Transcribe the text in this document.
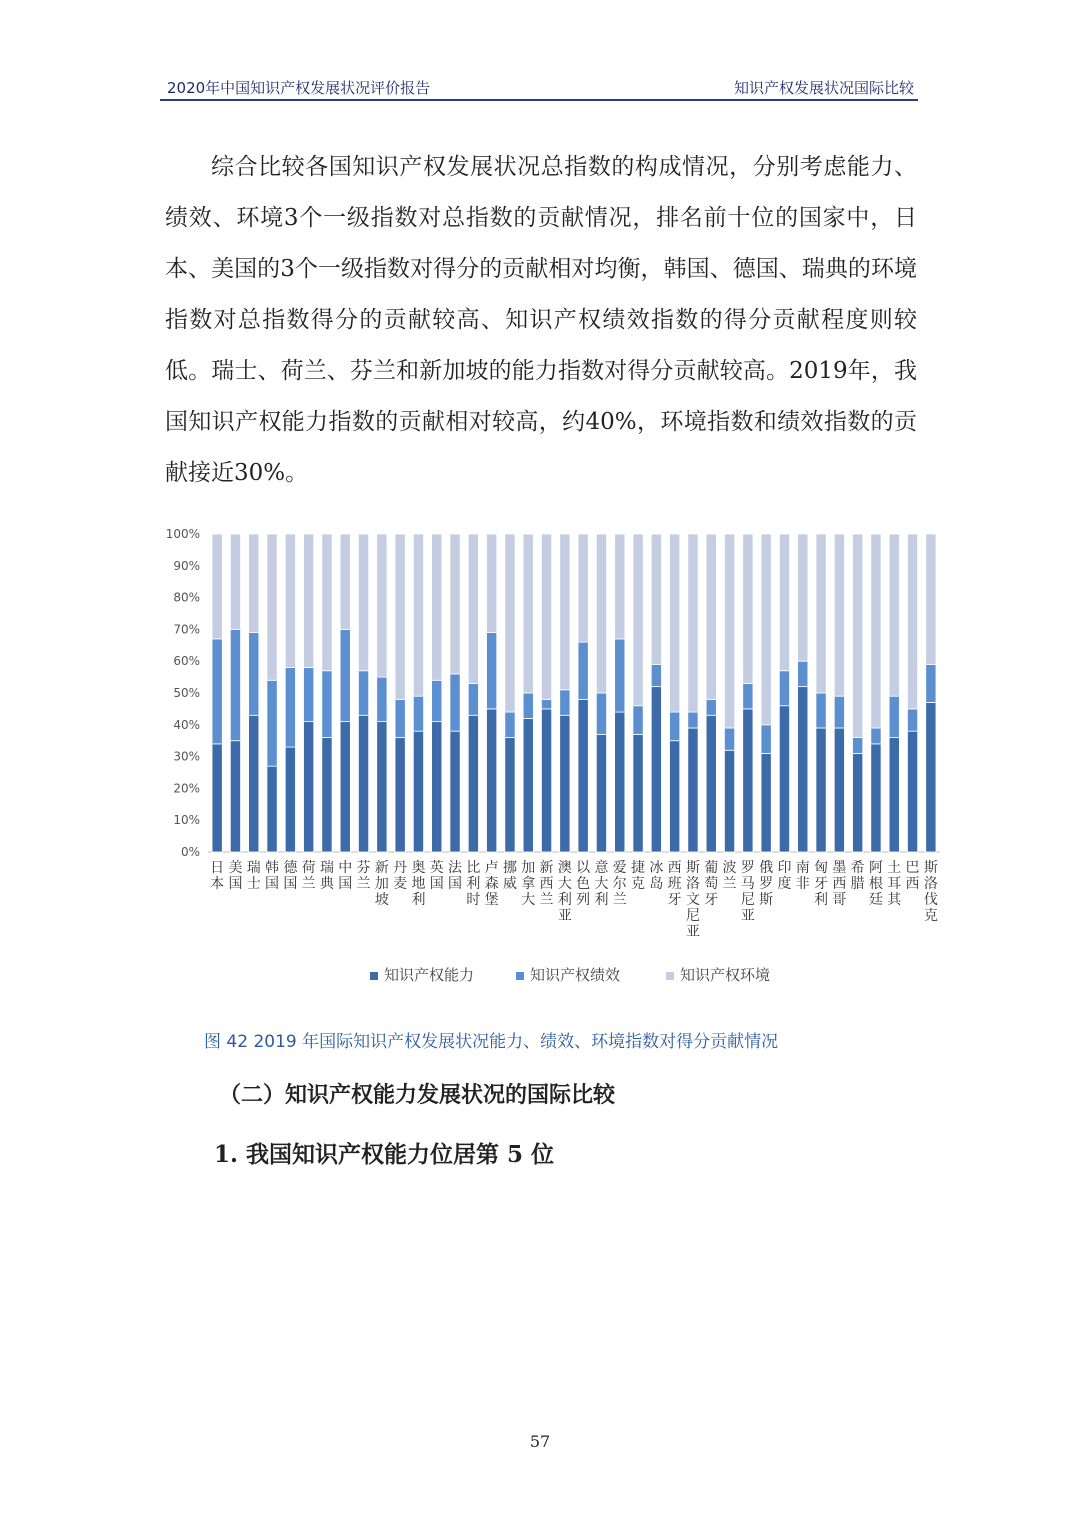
2020年中国知识产权发展状况评价报告	知识产权发展状况国际比较

综合比较各国知识产权发展状况总指数的构成情况，分别考虑能力、绩效、环境3个一级指数对总指数的贡献情况，排名前十位的国家中，日本、美国的3个一级指数对得分的贡献相对均衡，韩国、德国、瑞典的环境指数对总指数得分的贡献较高、知识产权绩效指数的得分贡献程度则较低。瑞士、荷兰、芬兰和新加坡的能力指数对得分贡献较高。2019年，我国知识产权能力指数的贡献相对较高，约40%，环境指数和绩效指数的贡献接近30%。

0%
10%
20%
30%
40%
50%
60%
70%
80%
90%
100%
日
本
美
国
瑞
士
韩
国
德
国
荷
兰
瑞
典
中
国
芬
兰
新
加
坡
丹
麦
奥
地
利
英
国
法
国
比
利
时
卢
森
堡
挪
威
加
拿
大
新
西
兰
澳
大
利
亚
以
色
列
意
大
利
爱
尔
兰
捷
克
冰
岛
西
班
牙
斯
洛
文
尼
亚
葡
萄
牙
波
兰
罗
马
尼
亚
俄
罗
斯
印
度
南
非
匈
牙
利
墨
西
哥
希
腊
阿
根
廷
土
耳
其
巴
西
斯
洛
伐
克
知识产权能力	知识产权绩效	知识产权环境
图 42 2019 年国际知识产权发展状况能力、绩效、环境指数对得分贡献情况
（二）知识产权能力发展状况的国际比较
1. 我国知识产权能力位居第 5 位
57
